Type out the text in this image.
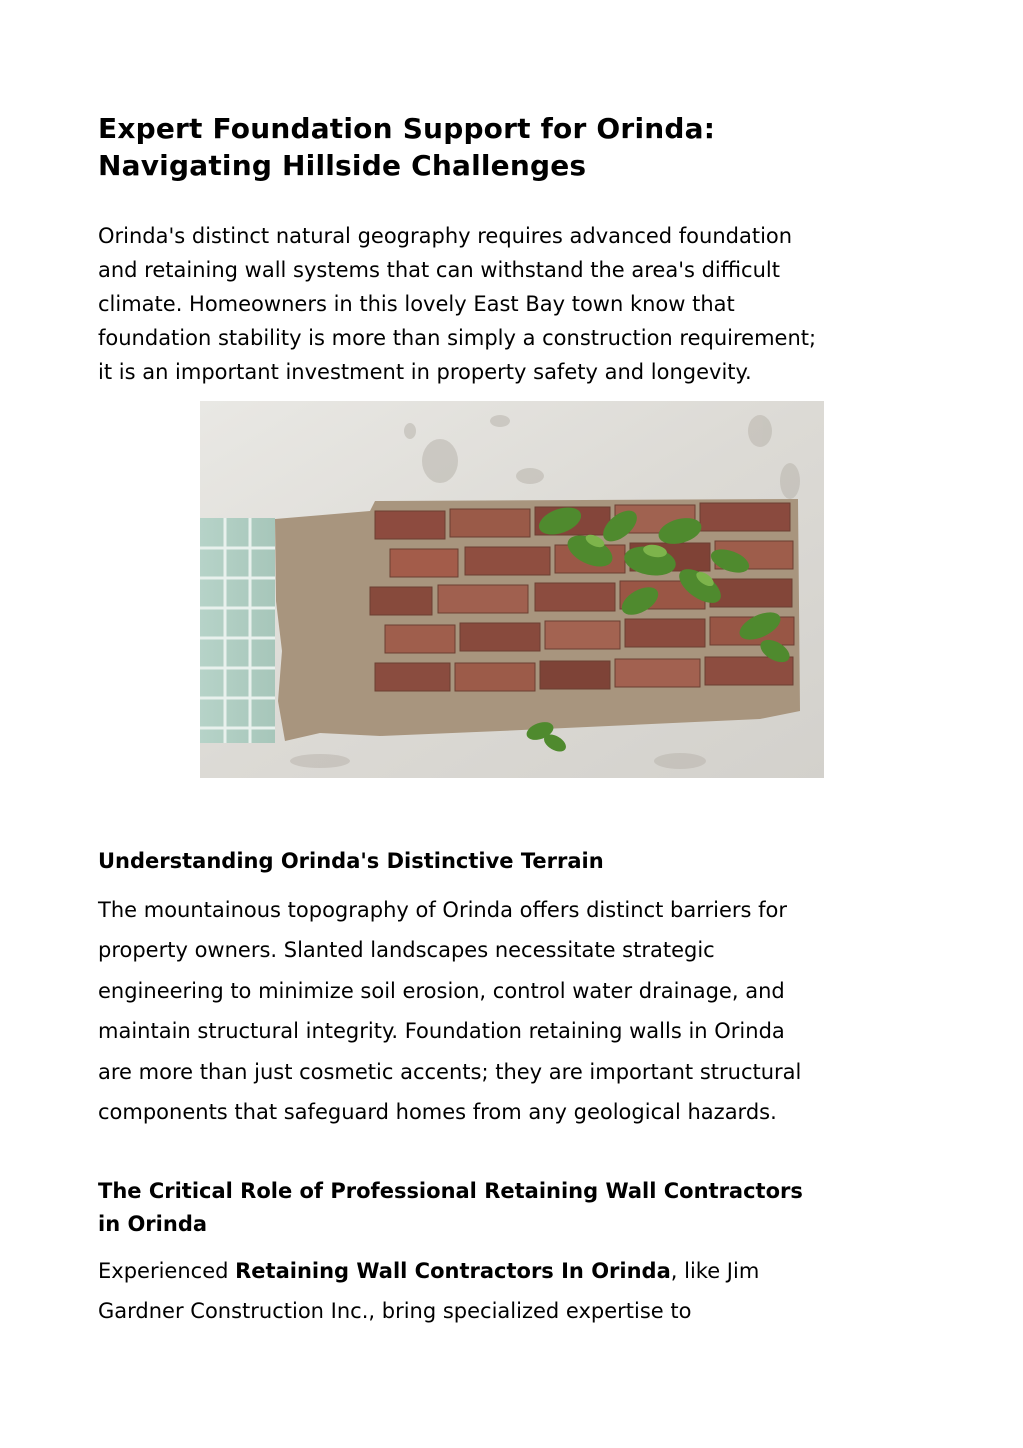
Expert Foundation Support for Orinda:
Navigating Hillside Challenges

Orinda's distinct natural geography requires advanced foundation
and retaining wall systems that can withstand the area's difficult
climate. Homeowners in this lovely East Bay town know that
foundation stability is more than simply a construction requirement;
it is an important investment in property safety and longevity.

Understanding Orinda's Distinctive Terrain

The mountainous topography of Orinda offers distinct barriers for
property owners. Slanted landscapes necessitate strategic
engineering to minimize soil erosion, control water drainage, and
maintain structural integrity. Foundation retaining walls in Orinda
are more than just cosmetic accents; they are important structural
components that safeguard homes from any geological hazards.

The Critical Role of Professional Retaining Wall Contractors
in Orinda

Experienced Retaining Wall Contractors In Orinda, like Jim
Gardner Construction Inc., bring specialized expertise to
